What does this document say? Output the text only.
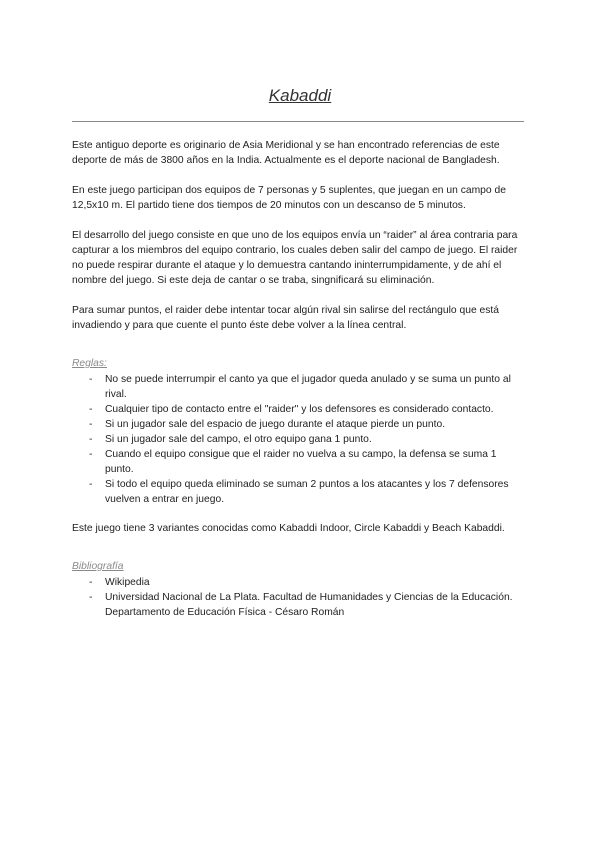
Kabaddi

Este antiguo deporte es originario de Asia Meridional y se han encontrado referencias de este deporte de más de 3800 años en la India. Actualmente es el deporte nacional de Bangladesh.

En este juego participan dos equipos de 7 personas y 5 suplentes, que juegan en un campo de 12,5x10 m. El partido tiene dos tiempos de 20 minutos con un descanso de 5 minutos.

El desarrollo del juego consiste en que uno de los equipos envía un “raider” al área contraria para capturar a los miembros del equipo contrario, los cuales deben salir del campo de juego. El raider no puede respirar durante el ataque y lo demuestra cantando ininterrumpidamente, y de ahí el nombre del juego. Si este deja de cantar o se traba, singnificará su eliminación.

Para sumar puntos, el raider debe intentar tocar algún rival sin salirse del rectángulo que está invadiendo y para que cuente el punto éste debe volver a la línea central.

Reglas:
- No se puede interrumpir el canto ya que el jugador queda anulado y se suma un punto al rival.
- Cualquier tipo de contacto entre el "raider" y los defensores es considerado contacto.
- Si un jugador sale del espacio de juego durante el ataque pierde un punto.
- Si un jugador sale del campo, el otro equipo gana 1 punto.
- Cuando el equipo consigue que el raider no vuelva a su campo, la defensa se suma 1 punto.
- Si todo el equipo queda eliminado se suman 2 puntos a los atacantes y los 7 defensores vuelven a entrar en juego.

Este juego tiene 3 variantes conocidas como Kabaddi Indoor, Circle Kabaddi y Beach Kabaddi.

Bibliografía
- Wikipedia
- Universidad Nacional de La Plata. Facultad de Humanidades y Ciencias de la Educación. Departamento de Educación Física - Césaro Román
